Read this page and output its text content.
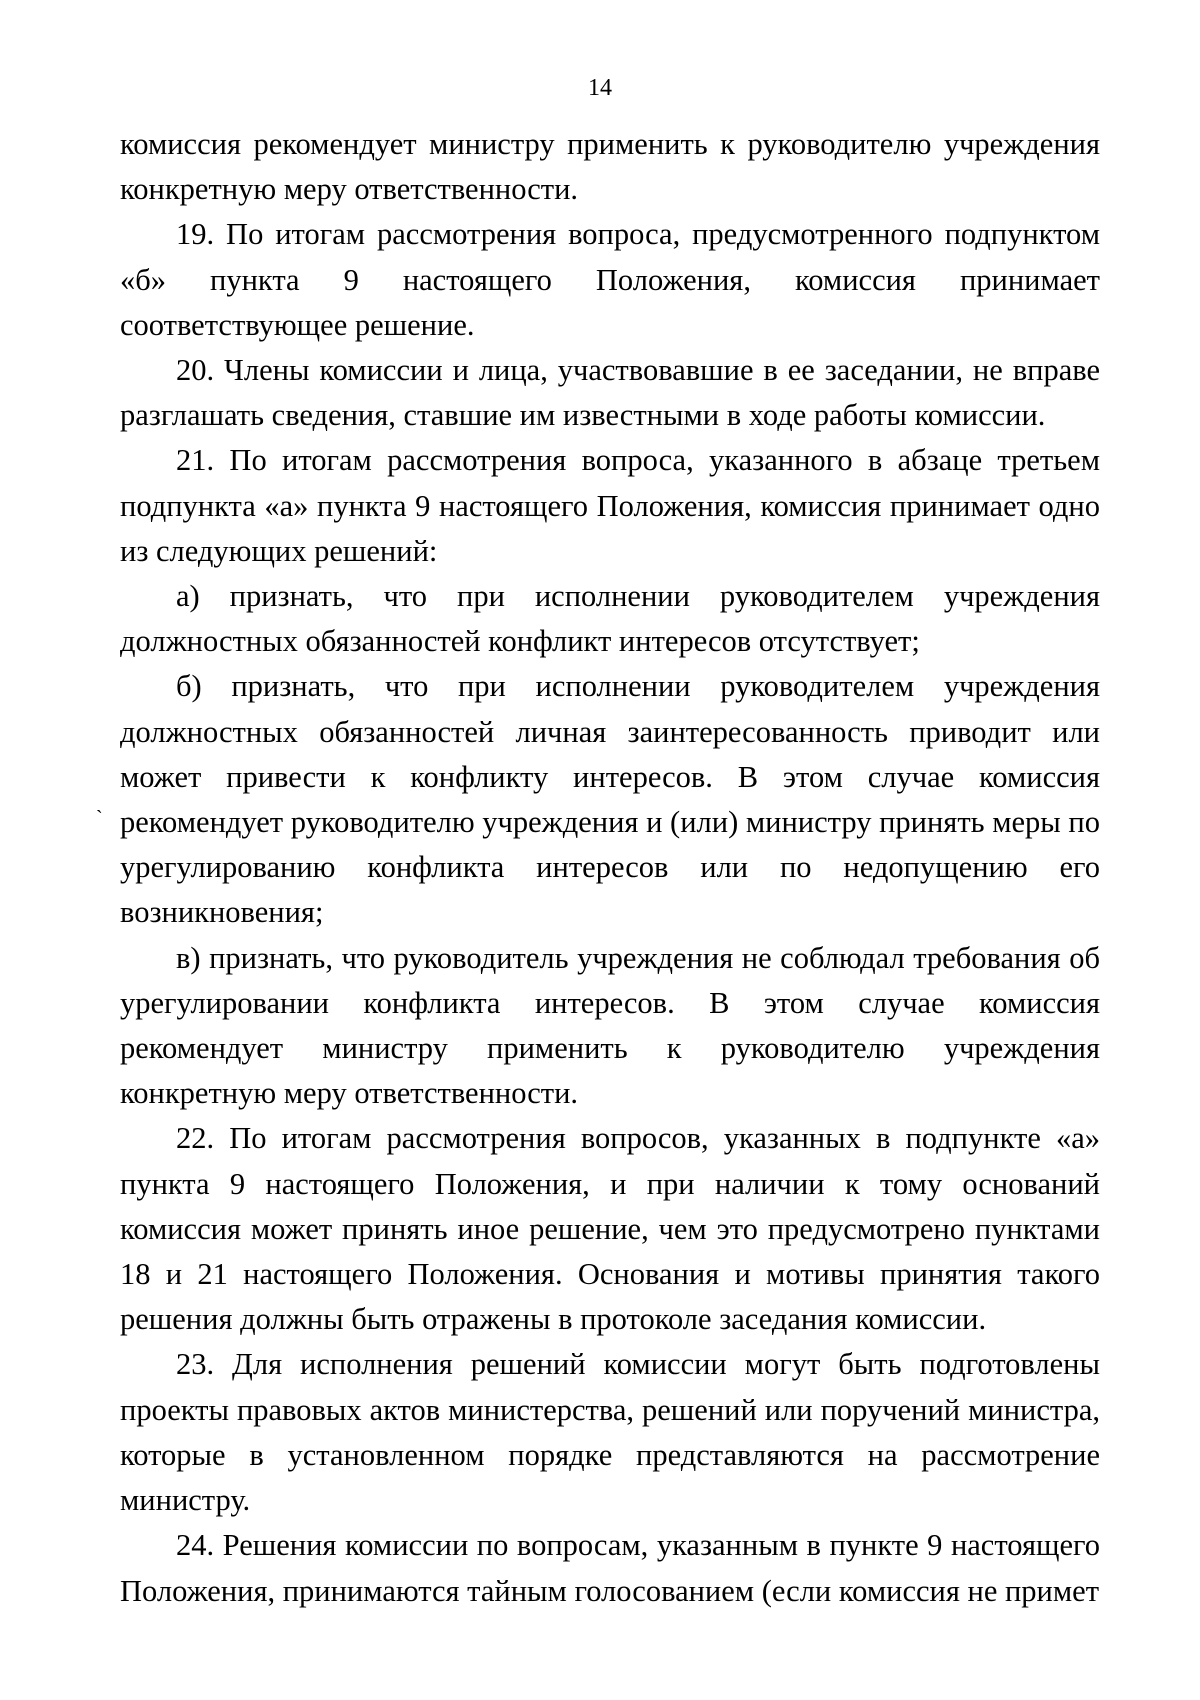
14
`

комиссия рекомендует министру применить к руководителю учреждения конкретную меру ответственности.

19. По итогам рассмотрения вопроса, предусмотренного подпунктом «б» пункта 9 настоящего Положения, комиссия принимает соответствующее решение.

20. Члены комиссии и лица, участвовавшие в ее заседании, не вправе разглашать сведения, ставшие им известными в ходе работы комиссии.

21. По итогам рассмотрения вопроса, указанного в абзаце третьем подпункта «а» пункта 9 настоящего Положения, комиссия принимает одно из следующих решений:

а) признать, что при исполнении руководителем учреждения должностных обязанностей конфликт интересов отсутствует;

б) признать, что при исполнении руководителем учреждения должностных обязанностей личная заинтересованность приводит или может привести к конфликту интересов. В этом случае комиссия рекомендует руководителю учреждения и (или) министру принять меры по урегулированию конфликта интересов или по недопущению его возникновения;

в) признать, что руководитель учреждения не соблюдал требования об урегулировании конфликта интересов. В этом случае комиссия рекомендует министру применить к руководителю учреждения конкретную меру ответственности.

22. По итогам рассмотрения вопросов, указанных в подпункте «а» пункта 9 настоящего Положения, и при наличии к тому оснований комиссия может принять иное решение, чем это предусмотрено пунктами 18 и 21 настоящего Положения. Основания и мотивы принятия такого решения должны быть отражены в протоколе заседания комиссии.

23. Для исполнения решений комиссии могут быть подготовлены проекты правовых актов министерства, решений или поручений министра, которые в установленном порядке представляются на рассмотрение министру.

24. Решения комиссии по вопросам, указанным в пункте 9 настоящего Положения, принимаются тайным голосованием (если комиссия не примет
